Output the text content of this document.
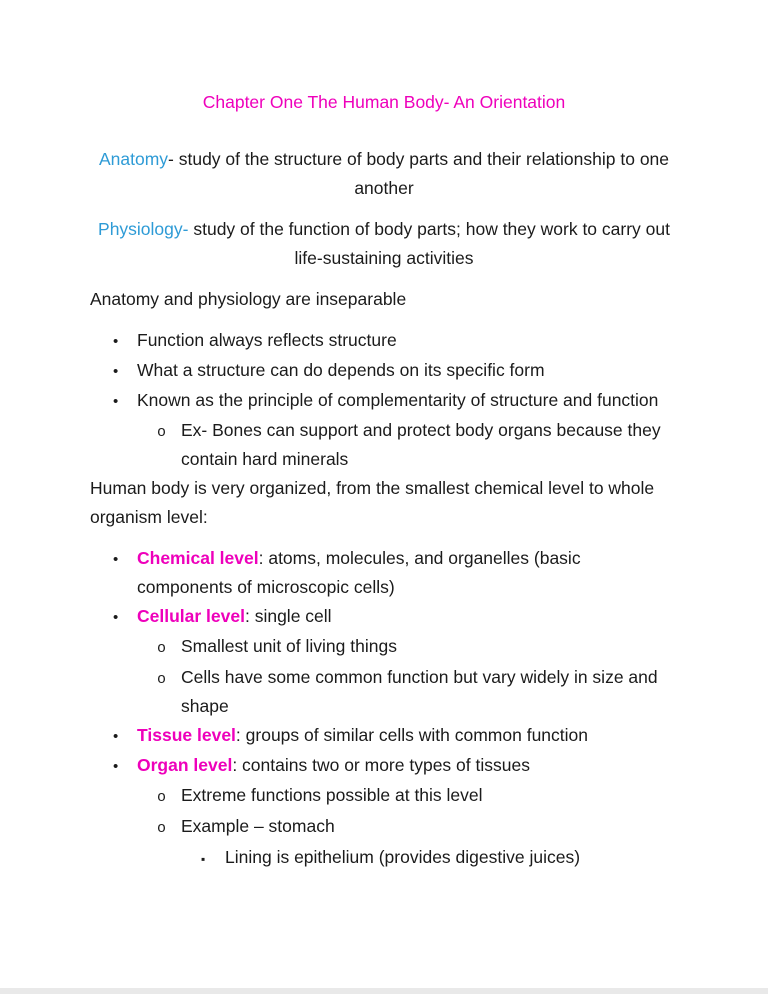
Chapter One The Human Body- An Orientation

Anatomy- study of the structure of body parts and their relationship to one another

Physiology- study of the function of body parts; how they work to carry out life-sustaining activities

Anatomy and physiology are inseparable

•	Function always reflects structure
•	What a structure can do depends on its specific form
•	Known as the principle of complementarity of structure and function
o Ex- Bones can support and protect body organs because they contain hard minerals

Human body is very organized, from the smallest chemical level to whole organism level:

•	Chemical level: atoms, molecules, and organelles (basic components of microscopic cells)
•	Cellular level: single cell
o Smallest unit of living things
o Cells have some common function but vary widely in size and shape
•	Tissue level: groups of similar cells with common function
•	Organ level: contains two or more types of tissues
o Extreme functions possible at this level
o Example – stomach
▪	Lining is epithelium (provides digestive juices)
